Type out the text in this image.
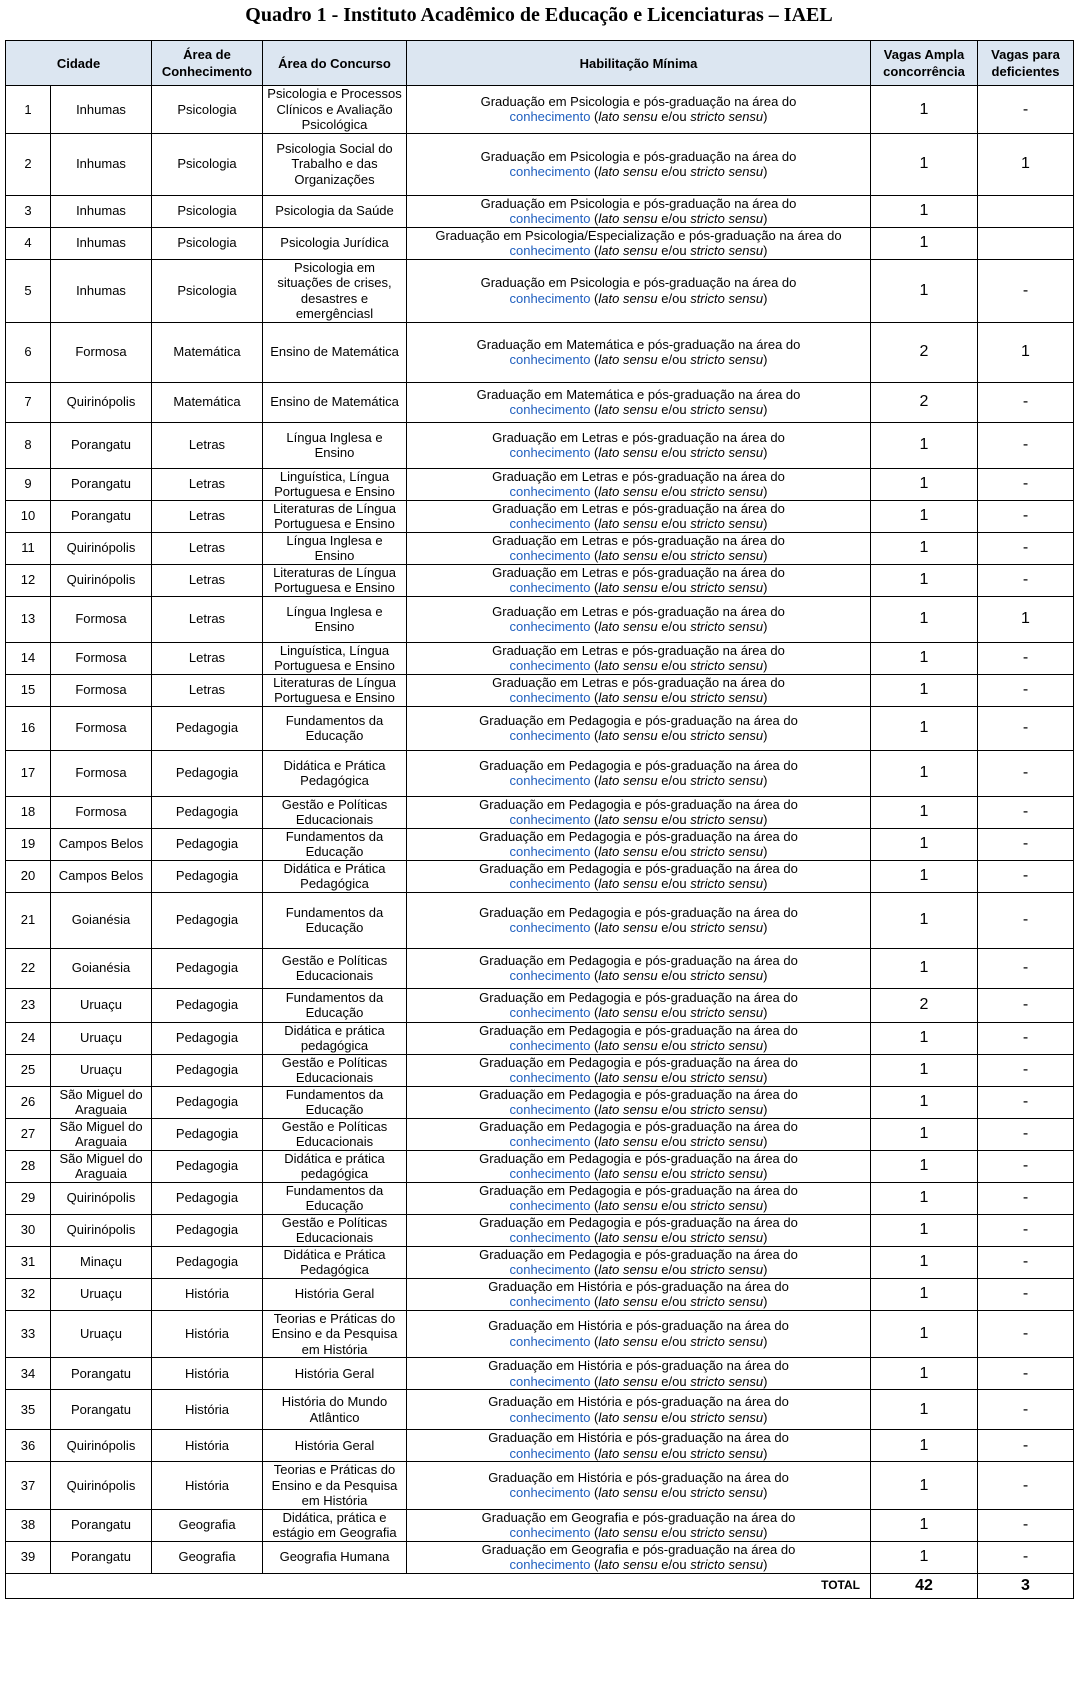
Quadro 1 - Instituto Acadêmico de Educação e Licenciaturas – IAEL
Cidade		Área de Conhecimento	Área do Concurso	Habilitação Mínima	Vagas Ampla concorrência	Vagas para deficientes
1	Inhumas	Psicologia	Psicologia e Processos Clínicos e Avaliação Psicológica	Graduação em Psicologia e pós-graduação na área do
conhecimento (lato sensu e/ou stricto sensu)	1	-
2	Inhumas	Psicologia	Psicologia Social do Trabalho e das Organizações	Graduação em Psicologia e pós-graduação na área do
conhecimento (lato sensu e/ou stricto sensu)	1	1
3	Inhumas	Psicologia	Psicologia da Saúde	Graduação em Psicologia e pós-graduação na área do
conhecimento (lato sensu e/ou stricto sensu)	1	
4	Inhumas	Psicologia	Psicologia Jurídica	Graduação em Psicologia/Especialização e pós-graduação na área do
conhecimento (lato sensu e/ou stricto sensu)	1	
5	Inhumas	Psicologia	Psicologia em situações de crises, desastres e emergênciasl	Graduação em Psicologia e pós-graduação na área do
conhecimento (lato sensu e/ou stricto sensu)	1	-
6	Formosa	Matemática	Ensino de Matemática	Graduação em Matemática e pós-graduação na área do
conhecimento (lato sensu e/ou stricto sensu)	2	1
7	Quirinópolis	Matemática	Ensino de Matemática	Graduação em Matemática e pós-graduação na área do
conhecimento (lato sensu e/ou stricto sensu)	2	-
8	Porangatu	Letras	Língua Inglesa e Ensino	Graduação em Letras e pós-graduação na área do
conhecimento (lato sensu e/ou stricto sensu)	1	-
9	Porangatu	Letras	Linguística, Língua Portuguesa e Ensino	Graduação em Letras e pós-graduação na área do
conhecimento (lato sensu e/ou stricto sensu)	1	-
10	Porangatu	Letras	Literaturas de Língua Portuguesa e Ensino	Graduação em Letras e pós-graduação na área do
conhecimento (lato sensu e/ou stricto sensu)	1	-
11	Quirinópolis	Letras	Língua Inglesa e Ensino	Graduação em Letras e pós-graduação na área do
conhecimento (lato sensu e/ou stricto sensu)	1	-
12	Quirinópolis	Letras	Literaturas de Língua Portuguesa e Ensino	Graduação em Letras e pós-graduação na área do
conhecimento (lato sensu e/ou stricto sensu)	1	-
13	Formosa	Letras	Língua Inglesa e Ensino	Graduação em Letras e pós-graduação na área do
conhecimento (lato sensu e/ou stricto sensu)	1	1
14	Formosa	Letras	Linguística, Língua Portuguesa e Ensino	Graduação em Letras e pós-graduação na área do
conhecimento (lato sensu e/ou stricto sensu)	1	-
15	Formosa	Letras	Literaturas de Língua Portuguesa e Ensino	Graduação em Letras e pós-graduação na área do
conhecimento (lato sensu e/ou stricto sensu)	1	-
16	Formosa	Pedagogia	Fundamentos da Educação	Graduação em Pedagogia e pós-graduação na área do
conhecimento (lato sensu e/ou stricto sensu)	1	-
17	Formosa	Pedagogia	Didática e Prática Pedagógica	Graduação em Pedagogia e pós-graduação na área do
conhecimento (lato sensu e/ou stricto sensu)	1	-
18	Formosa	Pedagogia	Gestão e Políticas Educacionais	Graduação em Pedagogia e pós-graduação na área do
conhecimento (lato sensu e/ou stricto sensu)	1	-
19	Campos Belos	Pedagogia	Fundamentos da Educação	Graduação em Pedagogia e pós-graduação na área do
conhecimento (lato sensu e/ou stricto sensu)	1	-
20	Campos Belos	Pedagogia	Didática e Prática Pedagógica	Graduação em Pedagogia e pós-graduação na área do
conhecimento (lato sensu e/ou stricto sensu)	1	-
21	Goianésia	Pedagogia	Fundamentos da Educação	Graduação em Pedagogia e pós-graduação na área do
conhecimento (lato sensu e/ou stricto sensu)	1	-
22	Goianésia	Pedagogia	Gestão e Políticas Educacionais	Graduação em Pedagogia e pós-graduação na área do
conhecimento (lato sensu e/ou stricto sensu)	1	-
23	Uruaçu	Pedagogia	Fundamentos da Educação	Graduação em Pedagogia e pós-graduação na área do
conhecimento (lato sensu e/ou stricto sensu)	2	-
24	Uruaçu	Pedagogia	Didática e prática pedagógica	Graduação em Pedagogia e pós-graduação na área do
conhecimento (lato sensu e/ou stricto sensu)	1	-
25	Uruaçu	Pedagogia	Gestão e Políticas Educacionais	Graduação em Pedagogia e pós-graduação na área do
conhecimento (lato sensu e/ou stricto sensu)	1	-
26	São Miguel do Araguaia	Pedagogia	Fundamentos da Educação	Graduação em Pedagogia e pós-graduação na área do
conhecimento (lato sensu e/ou stricto sensu)	1	-
27	São Miguel do Araguaia	Pedagogia	Gestão e Políticas Educacionais	Graduação em Pedagogia e pós-graduação na área do
conhecimento (lato sensu e/ou stricto sensu)	1	-
28	São Miguel do Araguaia	Pedagogia	Didática e prática pedagógica	Graduação em Pedagogia e pós-graduação na área do
conhecimento (lato sensu e/ou stricto sensu)	1	-
29	Quirinópolis	Pedagogia	Fundamentos da Educação	Graduação em Pedagogia e pós-graduação na área do
conhecimento (lato sensu e/ou stricto sensu)	1	-
30	Quirinópolis	Pedagogia	Gestão e Políticas Educacionais	Graduação em Pedagogia e pós-graduação na área do
conhecimento (lato sensu e/ou stricto sensu)	1	-
31	Minaçu	Pedagogia	Didática e Prática Pedagógica	Graduação em Pedagogia e pós-graduação na área do
conhecimento (lato sensu e/ou stricto sensu)	1	-
32	Uruaçu	História	História Geral	Graduação em História e pós-graduação na área do
conhecimento (lato sensu e/ou stricto sensu)	1	-
33	Uruaçu	História	Teorias e Práticas do Ensino e da Pesquisa em História	Graduação em História e pós-graduação na área do
conhecimento (lato sensu e/ou stricto sensu)	1	-
34	Porangatu	História	História Geral	Graduação em História e pós-graduação na área do
conhecimento (lato sensu e/ou stricto sensu)	1	-
35	Porangatu	História	História do Mundo Atlântico	Graduação em História e pós-graduação na área do
conhecimento (lato sensu e/ou stricto sensu)	1	-
36	Quirinópolis	História	História Geral	Graduação em História e pós-graduação na área do
conhecimento (lato sensu e/ou stricto sensu)	1	-
37	Quirinópolis	História	Teorias e Práticas do Ensino e da Pesquisa em História	Graduação em História e pós-graduação na área do
conhecimento (lato sensu e/ou stricto sensu)	1	-
38	Porangatu	Geografia	Didática, prática e estágio em Geografia	Graduação em Geografia e pós-graduação na área do
conhecimento (lato sensu e/ou stricto sensu)	1	-
39	Porangatu	Geografia	Geografia Humana	Graduação em Geografia e pós-graduação na área do
conhecimento (lato sensu e/ou stricto sensu)	1	-
TOTAL					42	3
